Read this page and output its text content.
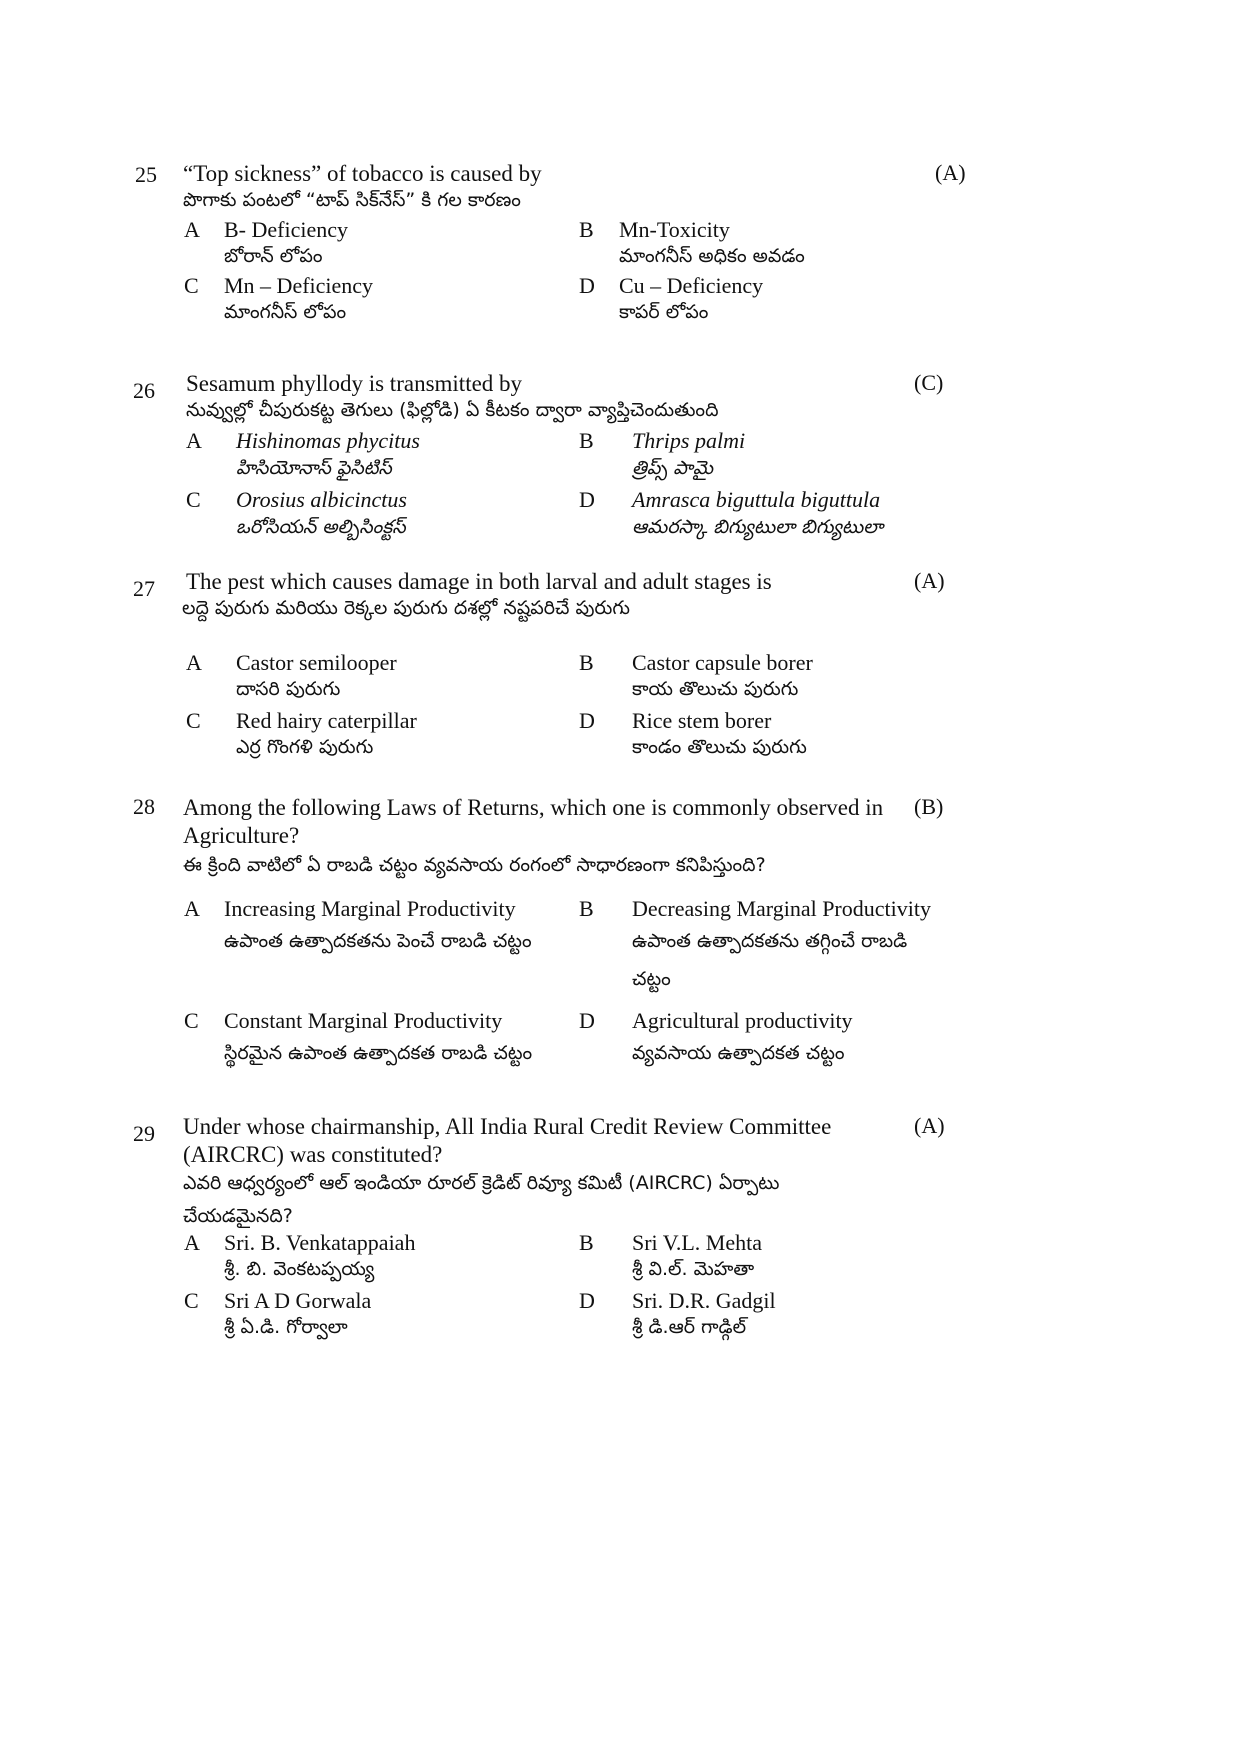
25 “Top sickness” of tobacco is caused by
పొగాకు పంటలో “టాప్ సిక్‌నేస్” కి గల కారణం
(A)
A B- Deficiency
బోరాన్ లోపం
B Mn-Toxicity
మాంగనీస్ అధికం అవడం
C Mn – Deficiency
మాంగనీస్ లోపం
D Cu – Deficiency
కాపర్ లోపం
26 Sesamum phyllody is transmitted by
నువ్వుల్లో చీపురుకట్ట తెగులు (ఫిల్లోడి) ఏ కీటకం ద్వారా వ్యాప్తిచెందుతుంది
(C)
A Hishinomas phycitus
హిసియోనాస్ ఫైసిటిస్
B Thrips palmi
త్రిప్స్ పామై
C Orosius albicinctus
ఒరోసియన్ అల్బిసింక్టస్
D Amrasca biguttula biguttula
ఆమరస్కా బిగ్యుటులా బిగ్యుటులా
27 The pest which causes damage in both larval and adult stages is
లద్దె పురుగు మరియు రెక్కల పురుగు దశల్లో నష్టపరిచే పురుగు
(A)
A Castor semilooper
దాసరి పురుగు
B Castor capsule borer
కాయ తొలుచు పురుగు
C Red hairy caterpillar
ఎర్ర గొంగళి పురుగు
D Rice stem borer
కాండం తొలుచు పురుగు
28 Among the following Laws of Returns, which one is commonly observed in Agriculture?
ఈ క్రింది వాటిలో ఏ రాబడి చట్టం వ్యవసాయ రంగంలో సాధారణంగా కనిపిస్తుంది?
(B)
A Increasing Marginal Productivity
ఉపాంత ఉత్పాదకతను పెంచే రాబడి చట్టం
B Decreasing Marginal Productivity
ఉపాంత ఉత్పాదకతను తగ్గించే రాబడి
చట్టం
C Constant Marginal Productivity
స్థిరమైన ఉపాంత ఉత్పాదకత రాబడి చట్టం
D Agricultural productivity
వ్యవసాయ ఉత్పాదకత చట్టం
29 Under whose chairmanship, All India Rural Credit Review Committee (AIRCRC) was constituted?
ఎవరి ఆధ్వర్యంలో ఆల్ ఇండియా రూరల్ క్రెడిట్ రివ్యూ కమిటీ (AIRCRC) ఏర్పాటు చేయడమైనది?
(A)
A Sri. B. Venkatappaiah
శ్రీ. బి. వెంకటప్పయ్య
B Sri V.L. Mehta
శ్రీ వి.ల్. మెహతా
C Sri A D Gorwala
శ్రీ ఏ.డి. గోర్వాలా
D Sri. D.R. Gadgil
శ్రీ డి.ఆర్ గాడ్గిల్
